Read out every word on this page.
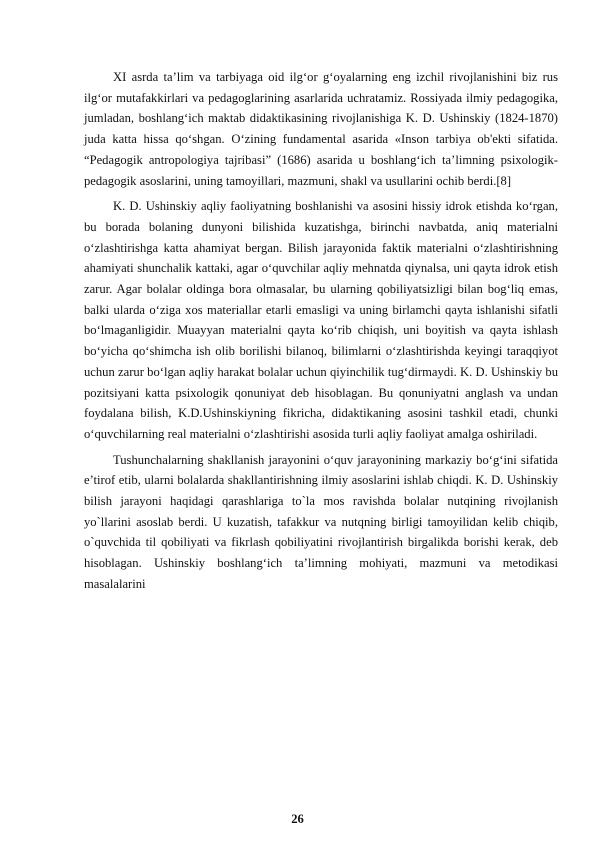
XI asrda ta’lim va tarbiyaga oid ilg‘or g‘oyalarning eng izchil rivojlanishini biz rus ilg‘or mutafakkirlari va pedagoglarining asarlarida uchratamiz. Rossiyada ilmiy pedagogika, jumladan, boshlang‘ich maktab didaktikasining rivojlanishiga K. D. Ushinskiy (1824-1870) juda katta hissa qo‘shgan. O‘zining fundamental asarida «Inson tarbiya ob'ekti sifatida. “Pedagogik antropologiya tajribasi” (1686) asarida u boshlang‘ich ta’limning psixologik-pedagogik asoslarini, uning tamoyillari, mazmuni, shakl va usullarini ochib berdi.[8]

K. D. Ushinskiy aqliy faoliyatning boshlanishi va asosini hissiy idrok etishda ko‘rgan, bu borada bolaning dunyoni bilishida kuzatishga, birinchi navbatda, aniq materialni o‘zlashtirishga katta ahamiyat bergan. Bilish jarayonida faktik materialni o‘zlashtirishning ahamiyati shunchalik kattaki, agar o‘quvchilar aqliy mehnatda qiynalsa, uni qayta idrok etish zarur. Agar bolalar oldinga bora olmasalar, bu ularning qobiliyatsizligi bilan bog‘liq emas, balki ularda o‘ziga xos materiallar etarli emasligi va uning birlamchi qayta ishlanishi sifatli bo‘lmaganligidir. Muayyan materialni qayta ko‘rib chiqish, uni boyitish va qayta ishlash bo‘yicha qo‘shimcha ish olib borilishi bilanoq, bilimlarni o‘zlashtirishda keyingi taraqqiyot uchun zarur bo‘lgan aqliy harakat bolalar uchun qiyinchilik tug‘dirmaydi. K. D. Ushinskiy bu pozitsiyani katta psixologik qonuniyat deb hisoblagan. Bu qonuniyatni anglash va undan foydalana bilish, K.D.Ushinskiyning fikricha, didaktikaning asosini tashkil etadi, chunki o‘quvchilarning real materialni o‘zlashtirishi asosida turli aqliy faoliyat amalga oshiriladi.

Tushunchalarning shakllanish jarayonini o‘quv jarayonining markaziy bo‘g‘ini sifatida e’tirof etib, ularni bolalarda shakllantirishning ilmiy asoslarini ishlab chiqdi. K. D. Ushinskiy bilish jarayoni haqidagi qarashlariga to`la mos ravishda bolalar nutqining rivojlanish yo`llarini asoslab berdi. U kuzatish, tafakkur va nutqning birligi tamoyilidan kelib chiqib, o`quvchida til qobiliyati va fikrlash qobiliyatini rivojlantirish birgalikda borishi kerak, deb hisoblagan. Ushinskiy boshlang‘ich ta’limning mohiyati, mazmuni va metodikasi masalalarini

26
